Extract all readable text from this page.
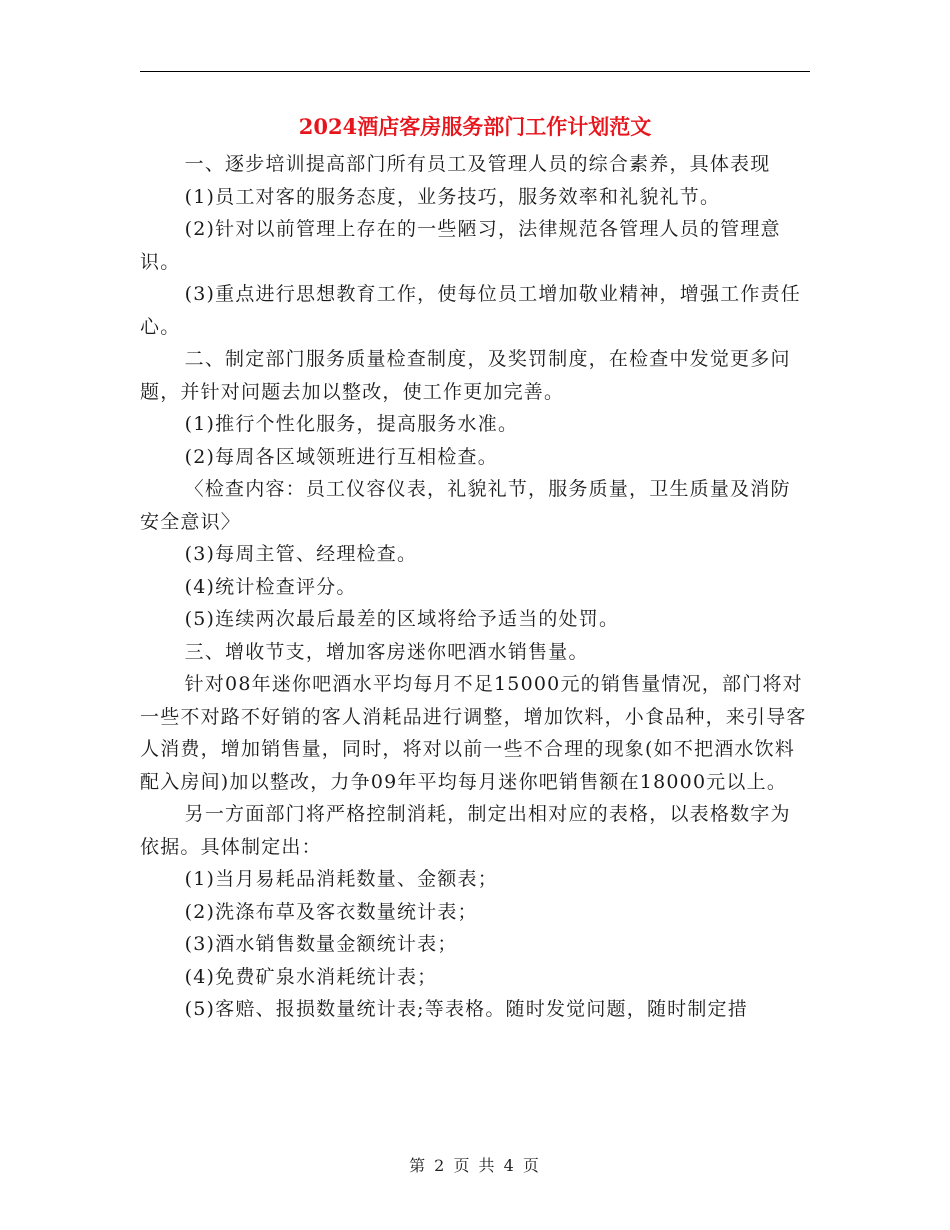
2024酒店客房服务部门工作计划范文

一、逐步培训提高部门所有员工及管理人员的综合素养，具体表现

(1)员工对客的服务态度，业务技巧，服务效率和礼貌礼节。

(2)针对以前管理上存在的一些陋习，法律规范各管理人员的管理意识。

(3)重点进行思想教育工作，使每位员工增加敬业精神，增强工作责任心。

二、制定部门服务质量检查制度，及奖罚制度，在检查中发觉更多问题，并针对问题去加以整改，使工作更加完善。

(1)推行个性化服务，提高服务水准。

(2)每周各区域领班进行互相检查。

〈检查内容：员工仪容仪表，礼貌礼节，服务质量，卫生质量及消防安全意识〉

(3)每周主管、经理检查。

(4)统计检查评分。

(5)连续两次最后最差的区域将给予适当的处罚。

三、增收节支，增加客房迷你吧酒水销售量。

针对08年迷你吧酒水平均每月不足15000元的销售量情况，部门将对一些不对路不好销的客人消耗品进行调整，增加饮料，小食品种，来引导客人消费，增加销售量，同时，将对以前一些不合理的现象(如不把酒水饮料配入房间)加以整改，力争09年平均每月迷你吧销售额在18000元以上。

另一方面部门将严格控制消耗，制定出相对应的表格，以表格数字为依据。具体制定出：

(1)当月易耗品消耗数量、金额表；

(2)洗涤布草及客衣数量统计表；

(3)酒水销售数量金额统计表；

(4)免费矿泉水消耗统计表；

(5)客赔、报损数量统计表;等表格。随时发觉问题，随时制定措

第 2 页 共 4 页
